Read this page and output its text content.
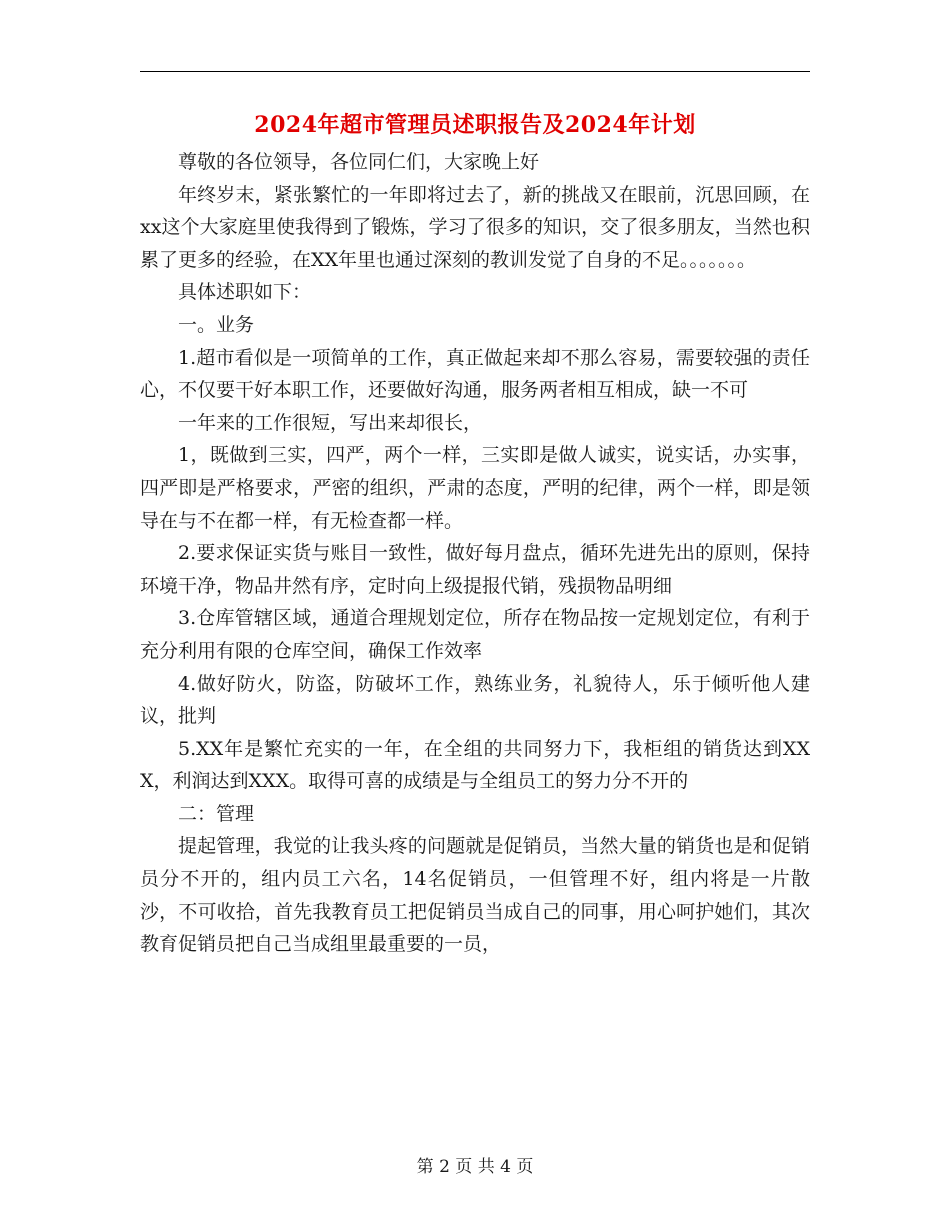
2024年超市管理员述职报告及2024年计划

尊敬的各位领导，各位同仁们，大家晚上好

年终岁末，紧张繁忙的一年即将过去了，新的挑战又在眼前，沉思回顾，在xx这个大家庭里使我得到了锻炼，学习了很多的知识，交了很多朋友，当然也积累了更多的经验，在XX年里也通过深刻的教训发觉了自身的不足。。。。。。。

具体述职如下：

一。业务

1.超市看似是一项简单的工作，真正做起来却不那么容易，需要较强的责任心，不仅要干好本职工作，还要做好沟通，服务两者相互相成，缺一不可

一年来的工作很短，写出来却很长，

1，既做到三实，四严，两个一样，三实即是做人诚实，说实话，办实事，四严即是严格要求，严密的组织，严肃的态度，严明的纪律，两个一样，即是领导在与不在都一样，有无检查都一样。

2.要求保证实货与账目一致性，做好每月盘点，循环先进先出的原则，保持环境干净，物品井然有序，定时向上级提报代销，残损物品明细

3.仓库管辖区域，通道合理规划定位，所存在物品按一定规划定位，有利于充分利用有限的仓库空间，确保工作效率

4.做好防火，防盗，防破坏工作，熟练业务，礼貌待人，乐于倾听他人建议，批判

5.XX年是繁忙充实的一年，在全组的共同努力下，我柜组的销货达到XXX，利润达到XXX。取得可喜的成绩是与全组员工的努力分不开的

二：管理

提起管理，我觉的让我头疼的问题就是促销员，当然大量的销货也是和促销员分不开的，组内员工六名，14名促销员，一但管理不好，组内将是一片散沙，不可收拾，首先我教育员工把促销员当成自己的同事，用心呵护她们，其次教育促销员把自己当成组里最重要的一员，

第 2 页 共 4 页
